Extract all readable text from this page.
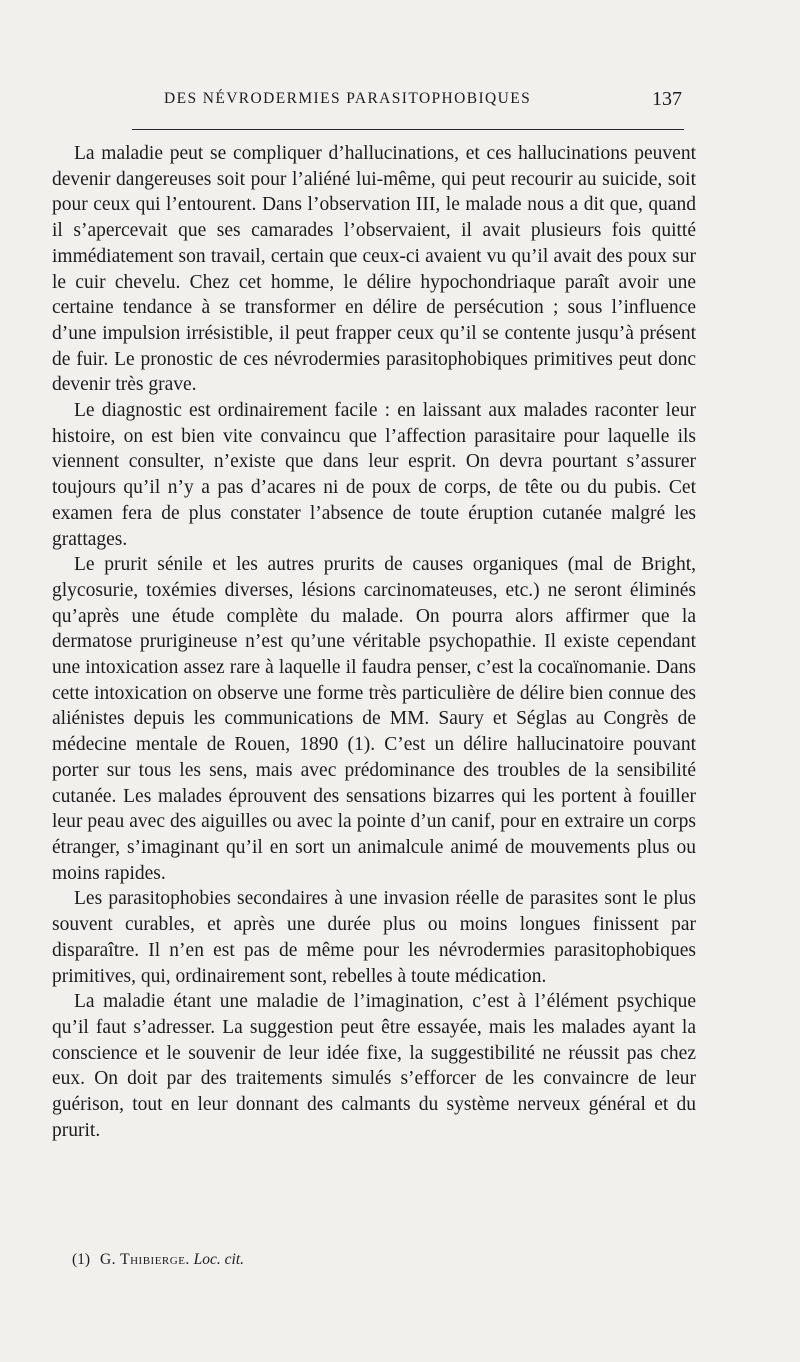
DES NÉVRODERMIES PARASITOPHOBIQUES	137

La maladie peut se compliquer d’hallucinations, et ces hallucinations peuvent devenir dangereuses soit pour l’aliéné lui-même, qui peut recourir au suicide, soit pour ceux qui l’entourent. Dans l’observation III, le malade nous a dit que, quand il s’apercevait que ses camarades l’observaient, il avait plusieurs fois quitté immédiatement son travail, certain que ceux-ci avaient vu qu’il avait des poux sur le cuir chevelu. Chez cet homme, le délire hypochondriaque paraît avoir une certaine tendance à se transformer en délire de persécution ; sous l’influence d’une impulsion irrésistible, il peut frapper ceux qu’il se contente jusqu’à présent de fuir. Le pronostic de ces névrodermies parasitophobiques primitives peut donc devenir très grave.

Le diagnostic est ordinairement facile : en laissant aux malades raconter leur histoire, on est bien vite convaincu que l’affection parasitaire pour laquelle ils viennent consulter, n’existe que dans leur esprit. On devra pourtant s’assurer toujours qu’il n’y a pas d’acares ni de poux de corps, de tête ou du pubis. Cet examen fera de plus constater l’absence de toute éruption cutanée malgré les grattages.

Le prurit sénile et les autres prurits de causes organiques (mal de Bright, glycosurie, toxémies diverses, lésions carcinomateuses, etc.) ne seront éliminés qu’après une étude complète du malade. On pourra alors affirmer que la dermatose prurigineuse n’est qu’une véritable psychopathie. Il existe cependant une intoxication assez rare à laquelle il faudra penser, c’est la cocaïnomanie. Dans cette intoxication on observe une forme très particulière de délire bien connue des aliénistes depuis les communications de MM. Saury et Séglas au Congrès de médecine mentale de Rouen, 1890 (1). C’est un délire hallucinatoire pouvant porter sur tous les sens, mais avec prédominance des troubles de la sensibilité cutanée. Les malades éprouvent des sensations bizarres qui les portent à fouiller leur peau avec des aiguilles ou avec la pointe d’un canif, pour en extraire un corps étranger, s’imaginant qu’il en sort un animalcule animé de mouvements plus ou moins rapides.

Les parasitophobies secondaires à une invasion réelle de parasites sont le plus souvent curables, et après une durée plus ou moins longues finissent par disparaître. Il n’en est pas de même pour les névrodermies parasitophobiques primitives, qui, ordinairement sont, rebelles à toute médication.

La maladie étant une maladie de l’imagination, c’est à l’élément psychique qu’il faut s’adresser. La suggestion peut être essayée, mais les malades ayant la conscience et le souvenir de leur idée fixe, la suggestibilité ne réussit pas chez eux. On doit par des traitements simulés s’efforcer de les convaincre de leur guérison, tout en leur donnant des calmants du système nerveux général et du prurit.

(1) G. Thibierge. Loc. cit.
